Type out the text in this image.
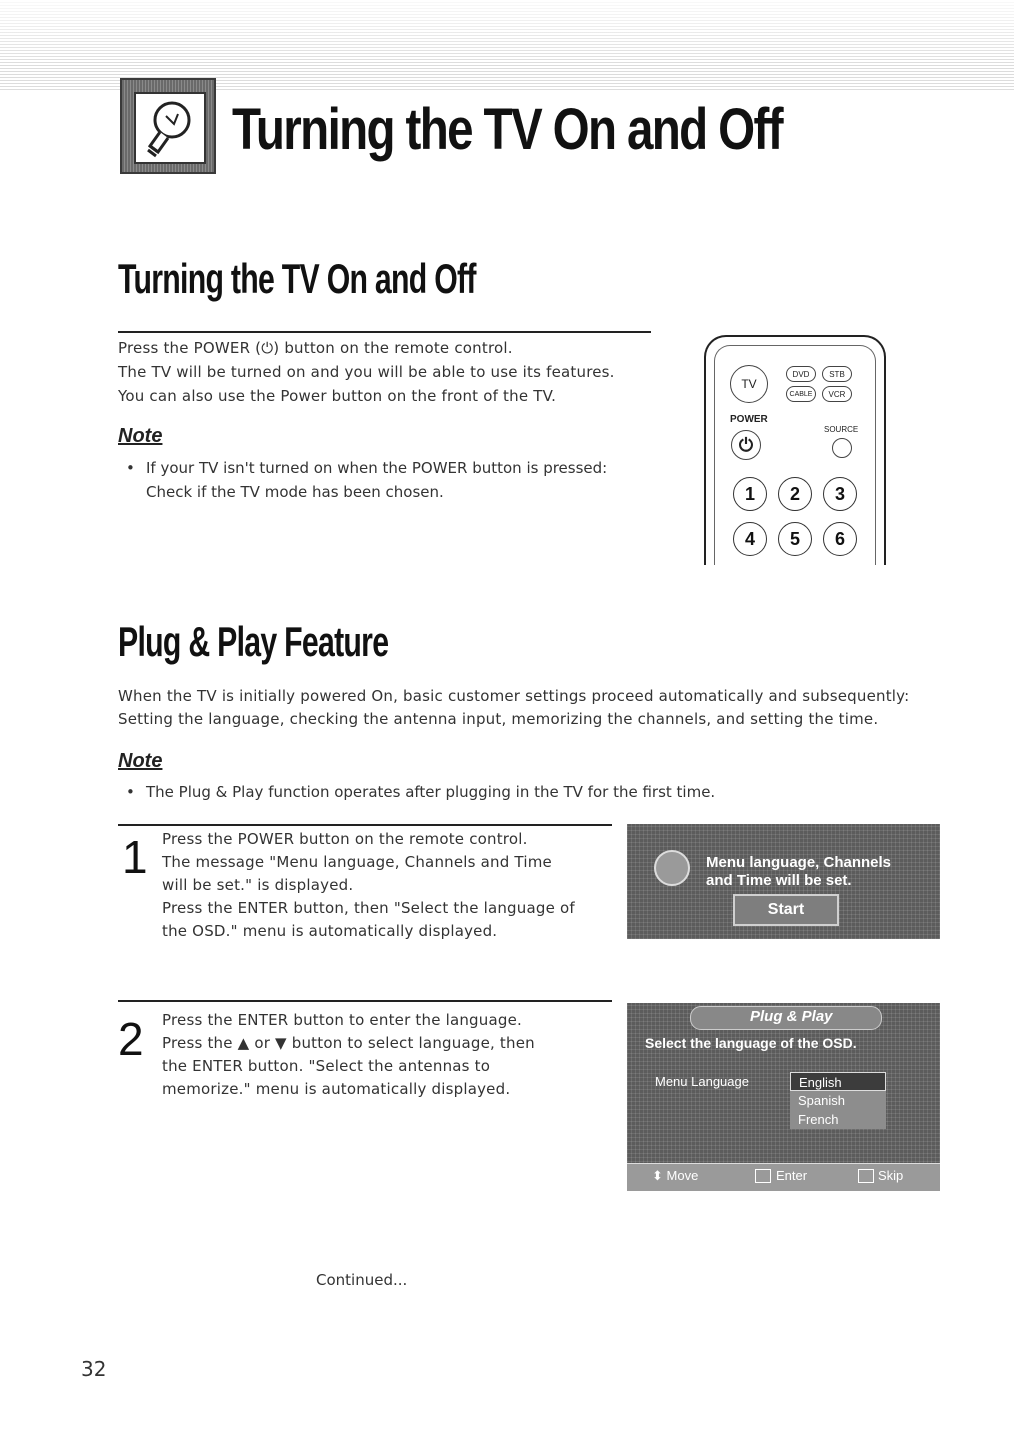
Turning the TV On and Off
Turning the TV On and Off

Press the POWER (⏻) button on the remote control.

The TV will be turned on and you will be able to use its features.

You can also use the Power button on the front of the TV.

Note

• If your TV isn't turned on when the POWER button is pressed:

Check if the TV mode has been chosen.

TV
DVD	STB
CABLE	VCR
POWER
SOURCE
⏻
1	2	3
4	5	6
Plug & Play Feature

When the TV is initially powered On, basic customer settings proceed automatically and subsequently:

Setting the language, checking the antenna input, memorizing the channels, and setting the time.

Note

• The Plug & Play function operates after plugging in the TV for the first time.

1 Press the POWER button on the remote control.

The message "Menu language, Channels and Time

will be set." is displayed.

Press the ENTER button, then "Select the language of

the OSD." menu is automatically displayed.

Menu language, Channels
and Time will be set.
Start

2 Press the ENTER button to enter the language.

Press the ▲ or ▼ button to select language, then

the ENTER button. "Select the antennas to

memorize." menu is automatically displayed.

Plug & Play
Select the language of the OSD.
Menu Language	English
Spanish
French
⬍ Move	Enter	Skip

Continued...

32
